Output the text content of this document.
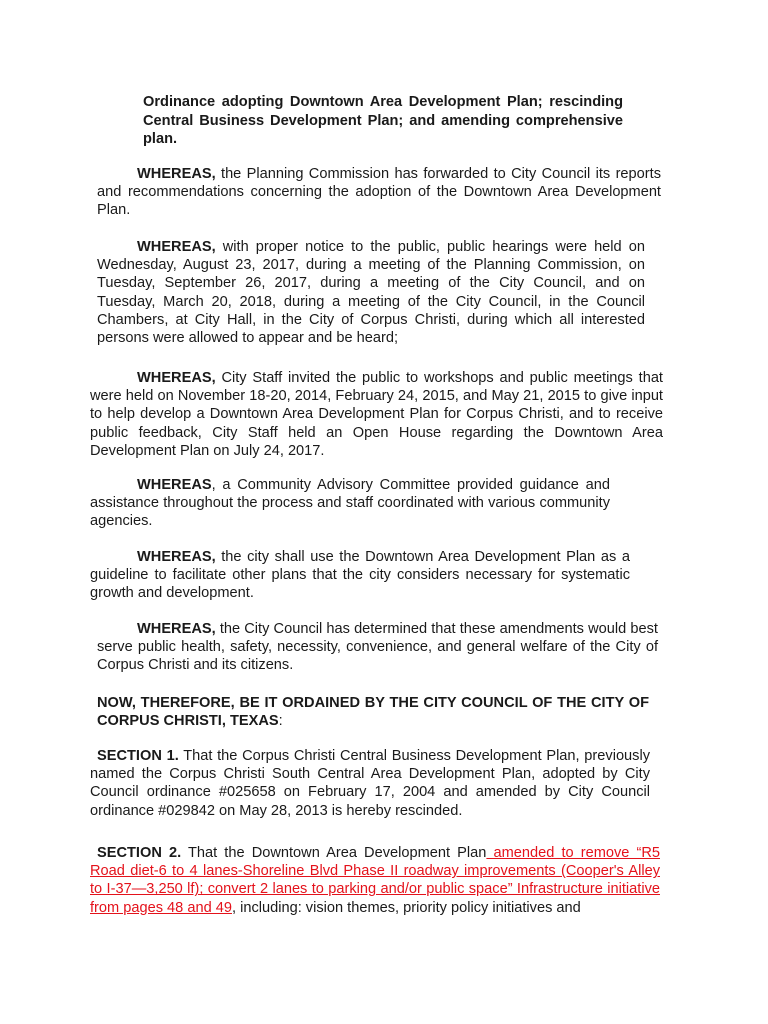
Ordinance adopting Downtown Area Development Plan; rescinding Central Business Development Plan; and amending comprehensive plan.
WHEREAS, the Planning Commission has forwarded to City Council its reports and recommendations concerning the adoption of the Downtown Area Development Plan.
WHEREAS, with proper notice to the public, public hearings were held on Wednesday, August 23, 2017, during a meeting of the Planning Commission, on Tuesday, September 26, 2017, during a meeting of the City Council, and on Tuesday, March 20, 2018, during a meeting of the City Council, in the Council Chambers, at City Hall, in the City of Corpus Christi, during which all interested persons were allowed to appear and be heard;
WHEREAS, City Staff invited the public to workshops and public meetings that were held on November 18-20, 2014, February 24, 2015, and May 21, 2015 to give input to help develop a Downtown Area Development Plan for Corpus Christi, and to receive public feedback, City Staff held an Open House regarding the Downtown Area Development Plan on July 24, 2017.
WHEREAS, a Community Advisory Committee provided guidance and assistance throughout the process and staff coordinated with various community agencies.
WHEREAS, the city shall use the Downtown Area Development Plan as a guideline to facilitate other plans that the city considers necessary for systematic growth and development.
WHEREAS, the City Council has determined that these amendments would best serve public health, safety, necessity, convenience, and general welfare of the City of Corpus Christi and its citizens.
NOW, THEREFORE, BE IT ORDAINED BY THE CITY COUNCIL OF THE CITY OF CORPUS CHRISTI, TEXAS:
SECTION 1. That the Corpus Christi Central Business Development Plan, previously named the Corpus Christi South Central Area Development Plan, adopted by City Council ordinance #025658 on February 17, 2004 and amended by City Council ordinance #029842 on May 28, 2013 is hereby rescinded.
SECTION 2. That the Downtown Area Development Plan amended to remove “R5 Road diet-6 to 4 lanes-Shoreline Blvd Phase II roadway improvements (Cooper's Alley to I-37—3,250 lf); convert 2 lanes to parking and/or public space” Infrastructure initiative from pages 48 and 49, including: vision themes, priority policy initiatives and
